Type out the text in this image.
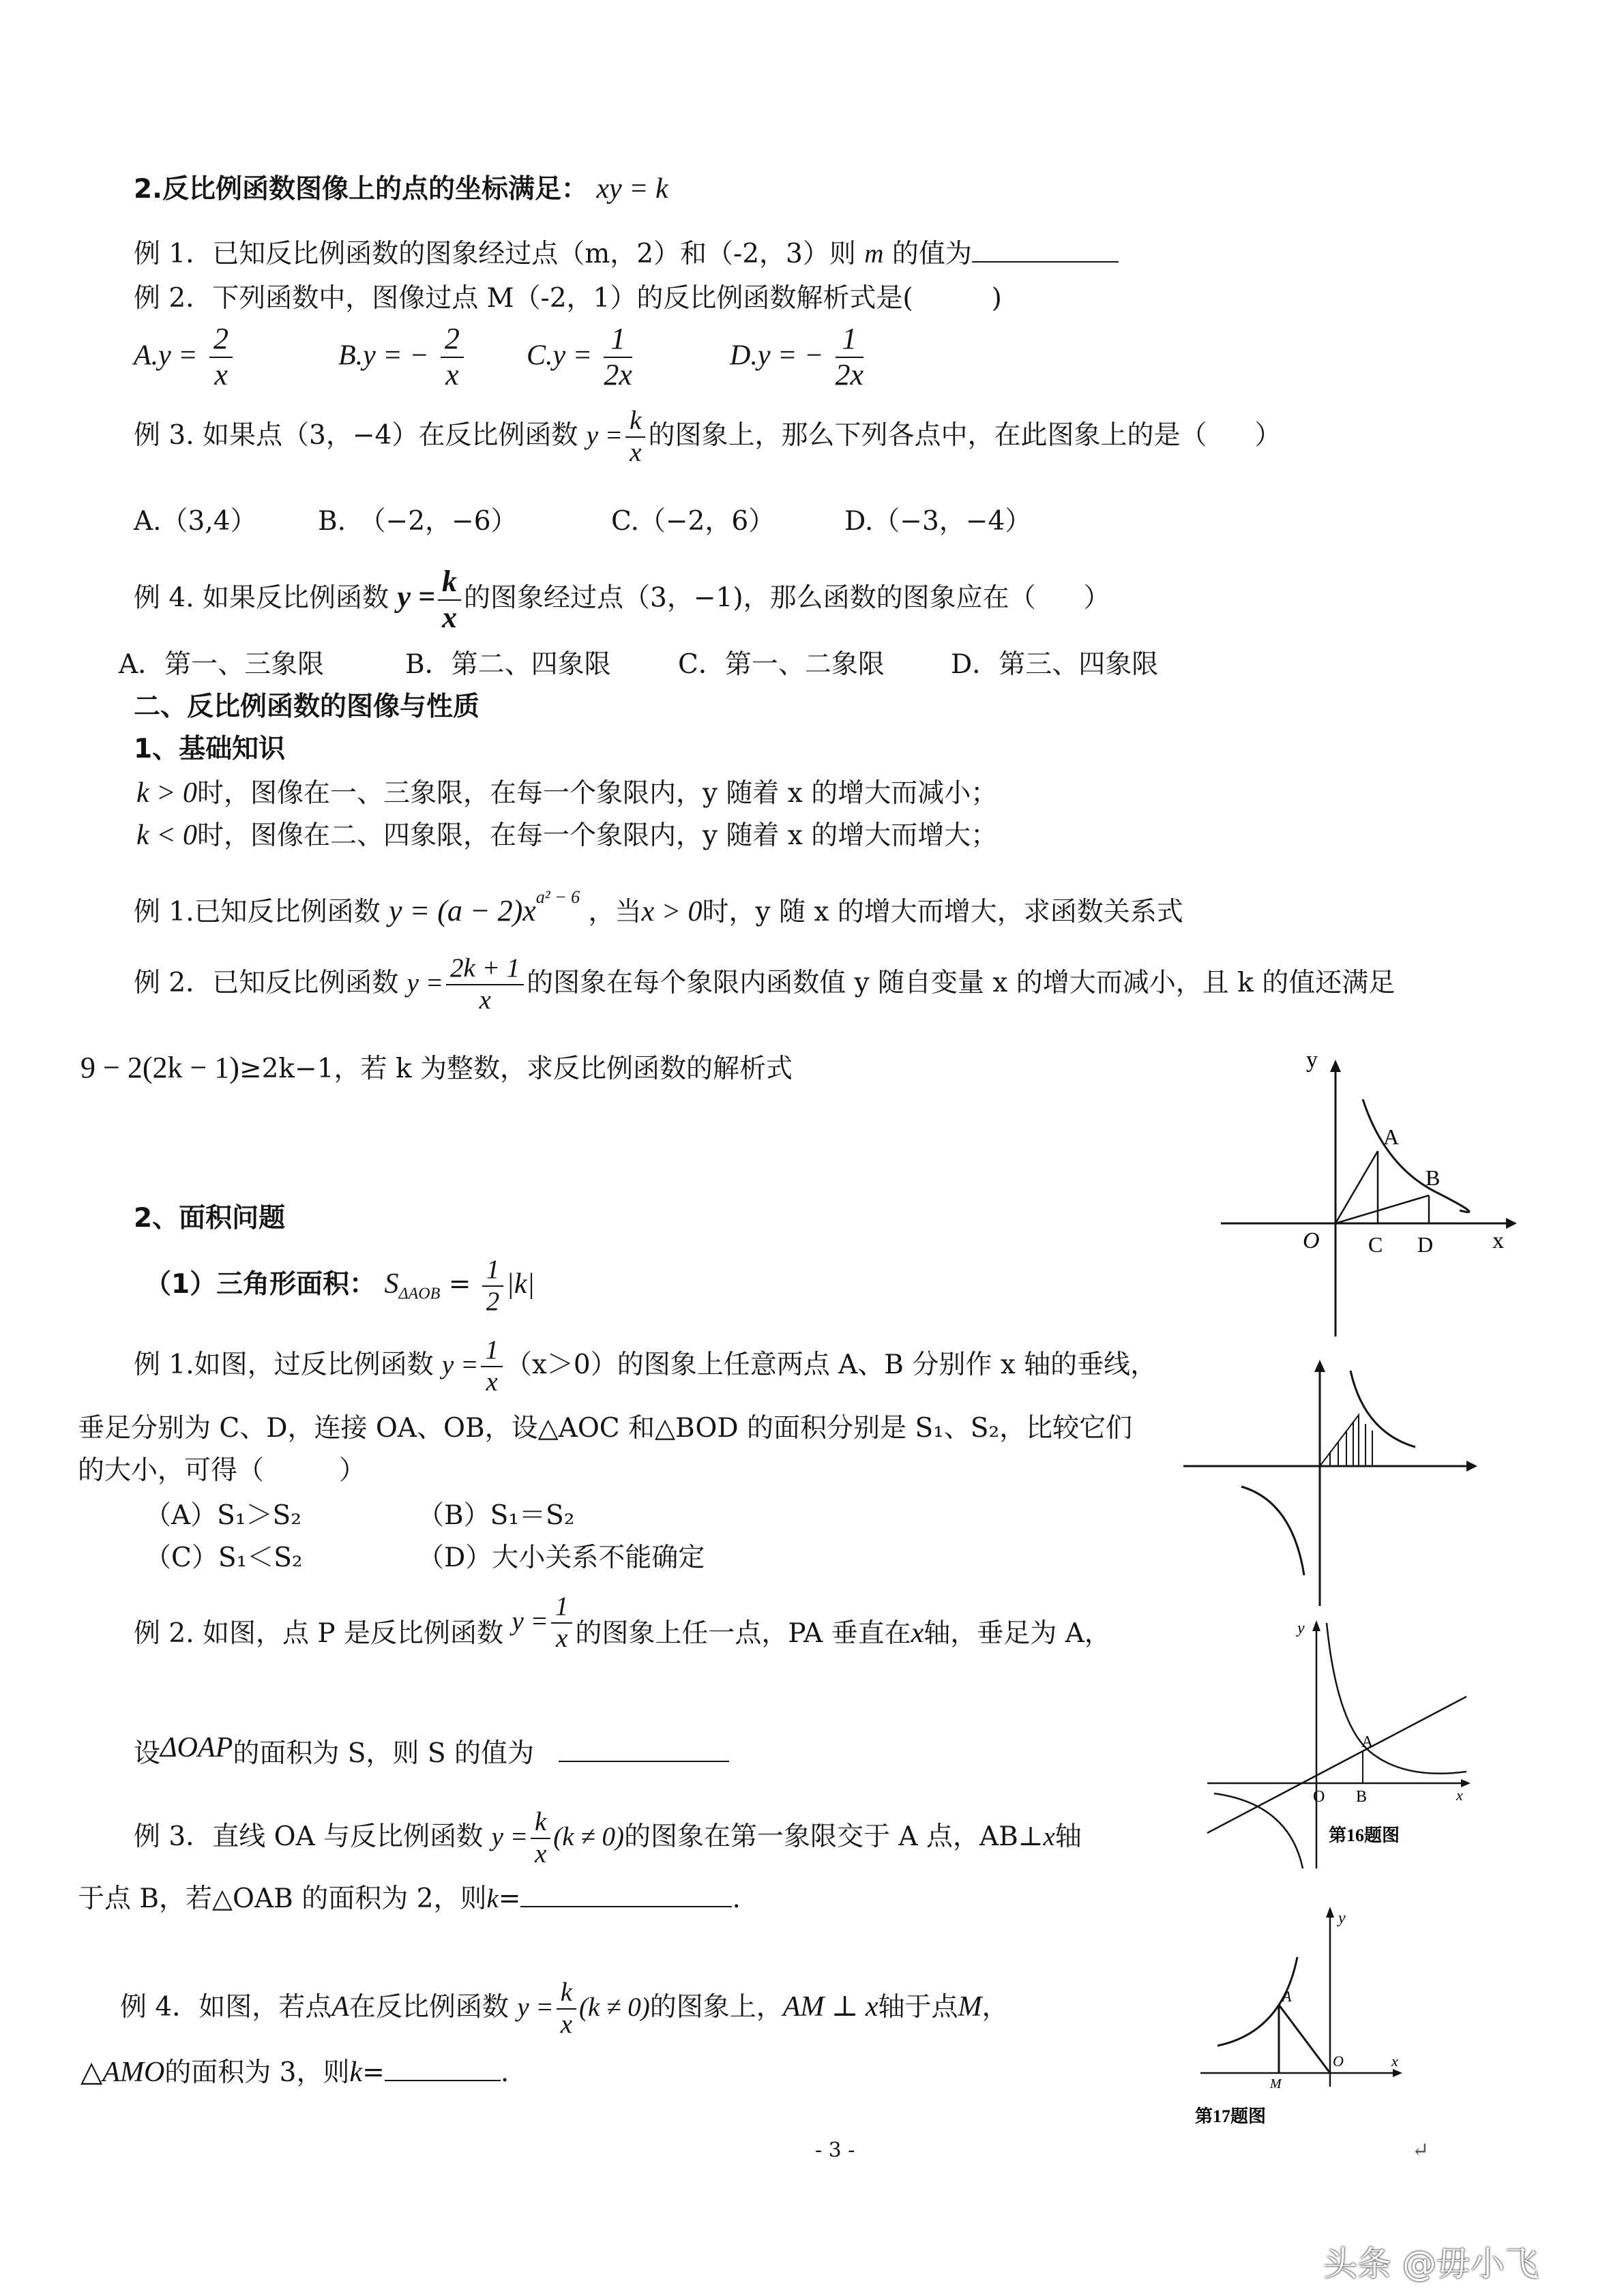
2.反比例函数图像上的点的坐标满足： xy = k
例 1．已知反比例函数的图象经过点（m，2）和（-2，3）则 m 的值为
例 2．下列函数中，图像过点 M（-2，1）的反比例函数解析式是(	)
$A.y = \frac{2}{x}$	B.y = − $\frac{2}{x} C.y = \frac{1}{2x}$	D.y = − $\frac{1}{2x}$
例 3. 如果点（3，−4）在反比例函数 $y = \frac{k}{x}$ 的图象上，那么下列各点中，在此图象上的是（ ）
A.（3,4） B.　（−2，−6）	C.（−2，6）	D.（−3，−4）
例 4. 如果反比例函数 $y = \frac{k}{x}$ 的图象经过点（3，−1)，那么函数的图象应在（ ）
A．第一、三象限	B．第二、四象限	C．第一、二象限 D．第三、四象限
二、反比例函数的图像与性质
1、基础知识
k > 0时，图像在一、三象限，在每一个象限内，y 随着 x 的增大而减小；
k < 0时，图像在二、四象限，在每一个象限内，y 随着 x 的增大而增大；
例 1.已知反比例函数 $y = (a - 2)x^{a^2 - 6}$ ，当x > 0时，y 随 x 的增大而增大，求函数关系式
例 2．已知反比例函数 $y = \frac{2k + 1}{x}$ 的图象在每个象限内函数值 y 随自变量 x 的增大而减小，且 k 的值还满足
9 − 2(2k − 1)≥2k−1，若 k 为整数，求反比例函数的解析式
2、面积问题
（1）三角形面积： $S_{\Delta AOB} = \frac{1}{2} |k|$
例 1.如图，过反比例函数 $y = \frac{1}{x} (x>0)$的图象上任意两点 A、B 分别作 x 轴的垂线，
垂足分别为 C、D，连接 OA、OB，设△AOC 和△BOD 的面积分别是 S₁、S₂，比较它们
的大小，可得（	）
（A）S₁＞S₂	（B）S₁＝S₂
（C）S₁＜S₂	（D）大小关系不能确定
例 2. 如图，点 P 是反比例函数 $y = \frac{1}{x}$ 的图象上任一点，PA 垂直在x轴，垂足为 A，
设ΔOAP的面积为 S，则 S 的值为
例 3．直线 OA 与反比例函数 $y = \frac{k}{x} (k \ne 0)$的图象在第一象限交于 A 点，AB⊥x轴
于点 B，若△OAB 的面积为 2，则k=	.
例 4．如图，若点A在反比例函数 $y = \frac{k}{x} (k \ne 0)$的图象上，AM ⊥ x轴于点M，
△AMO的面积为 3，则k=	.
O
y
x
A
B
C D
y
x
O
A
B
第16题图
y
x
O
A
M
第17题图
- 3 -	↵
头条 @毋小飞
